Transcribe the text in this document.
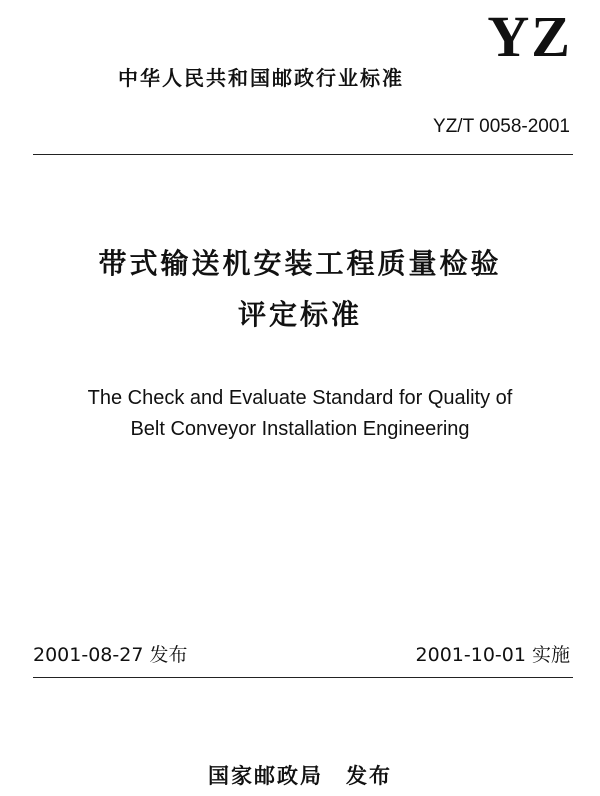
YZ
中华人民共和国邮政行业标准
YZ/T 0058-2001
带式输送机安装工程质量检验
评定标准
The Check and Evaluate Standard for Quality of
Belt Conveyor Installation Engineering
2001-08-27 发布	2001-10-01 实施
国家邮政局　发布
